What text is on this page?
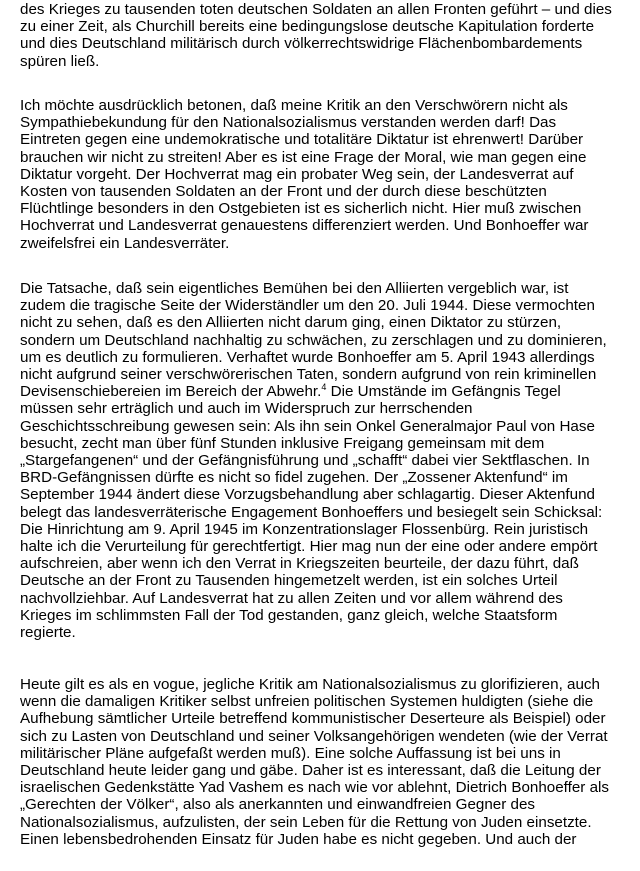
des Krieges zu tausenden toten deutschen Soldaten an allen Fronten geführt – und dies
zu einer Zeit, als Churchill bereits eine bedingungslose deutsche Kapitulation forderte
und dies Deutschland militärisch durch völkerrechtswidrige Flächenbombardements
spüren ließ.

Ich möchte ausdrücklich betonen, daß meine Kritik an den Verschwörern nicht als
Sympathiebekundung für den Nationalsozialismus verstanden werden darf! Das
Eintreten gegen eine undemokratische und totalitäre Diktatur ist ehrenwert! Darüber
brauchen wir nicht zu streiten! Aber es ist eine Frage der Moral, wie man gegen eine
Diktatur vorgeht. Der Hochverrat mag ein probater Weg sein, der Landesverrat auf
Kosten von tausenden Soldaten an der Front und der durch diese beschützten
Flüchtlinge besonders in den Ostgebieten ist es sicherlich nicht. Hier muß zwischen
Hochverrat und Landesverrat genauestens differenziert werden. Und Bonhoeffer war
zweifelsfrei ein Landesverräter.

Die Tatsache, daß sein eigentliches Bemühen bei den Alliierten vergeblich war, ist
zudem die tragische Seite der Widerständler um den 20. Juli 1944. Diese vermochten
nicht zu sehen, daß es den Alliierten nicht darum ging, einen Diktator zu stürzen,
sondern um Deutschland nachhaltig zu schwächen, zu zerschlagen und zu dominieren,
um es deutlich zu formulieren. Verhaftet wurde Bonhoeffer am 5. April 1943 allerdings
nicht aufgrund seiner verschwörerischen Taten, sondern aufgrund von rein kriminellen
Devisenschiebereien im Bereich der Abwehr.$^4$ Die Umstände im Gefängnis Tegel
müssen sehr erträglich und auch im Widerspruch zur herrschenden
Geschichtsschreibung gewesen sein: Als ihn sein Onkel Generalmajor Paul von Hase
besucht, zecht man über fünf Stunden inklusive Freigang gemeinsam mit dem
„Stargefangenen“ und der Gefängnisführung und „schafft“ dabei vier Sektflaschen. In
BRD-Gefängnissen dürfte es nicht so fidel zugehen. Der „Zossener Aktenfund“ im
September 1944 ändert diese Vorzugsbehandlung aber schlagartig. Dieser Aktenfund
belegt das landesverräterische Engagement Bonhoeffers und besiegelt sein Schicksal:
Die Hinrichtung am 9. April 1945 im Konzentrationslager Flossenbürg. Rein juristisch
halte ich die Verurteilung für gerechtfertigt. Hier mag nun der eine oder andere empört
aufschreien, aber wenn ich den Verrat in Kriegszeiten beurteile, der dazu führt, daß
Deutsche an der Front zu Tausenden hingemetzelt werden, ist ein solches Urteil
nachvollziehbar. Auf Landesverrat hat zu allen Zeiten und vor allem während des
Krieges im schlimmsten Fall der Tod gestanden, ganz gleich, welche Staatsform
regierte.

Heute gilt es als en vogue, jegliche Kritik am Nationalsozialismus zu glorifizieren, auch
wenn die damaligen Kritiker selbst unfreien politischen Systemen huldigten (siehe die
Aufhebung sämtlicher Urteile betreffend kommunistischer Deserteure als Beispiel) oder
sich zu Lasten von Deutschland und seiner Volksangehörigen wendeten (wie der Verrat
militärischer Pläne aufgefaßt werden muß). Eine solche Auffassung ist bei uns in
Deutschland heute leider gang und gäbe. Daher ist es interessant, daß die Leitung der
israelischen Gedenkstätte Yad Vashem es nach wie vor ablehnt, Dietrich Bonhoeffer als
„Gerechten der Völker“, also als anerkannten und einwandfreien Gegner des
Nationalsozialismus, aufzulisten, der sein Leben für die Rettung von Juden einsetzte.
Einen lebensbedrohenden Einsatz für Juden habe es nicht gegeben. Und auch der
